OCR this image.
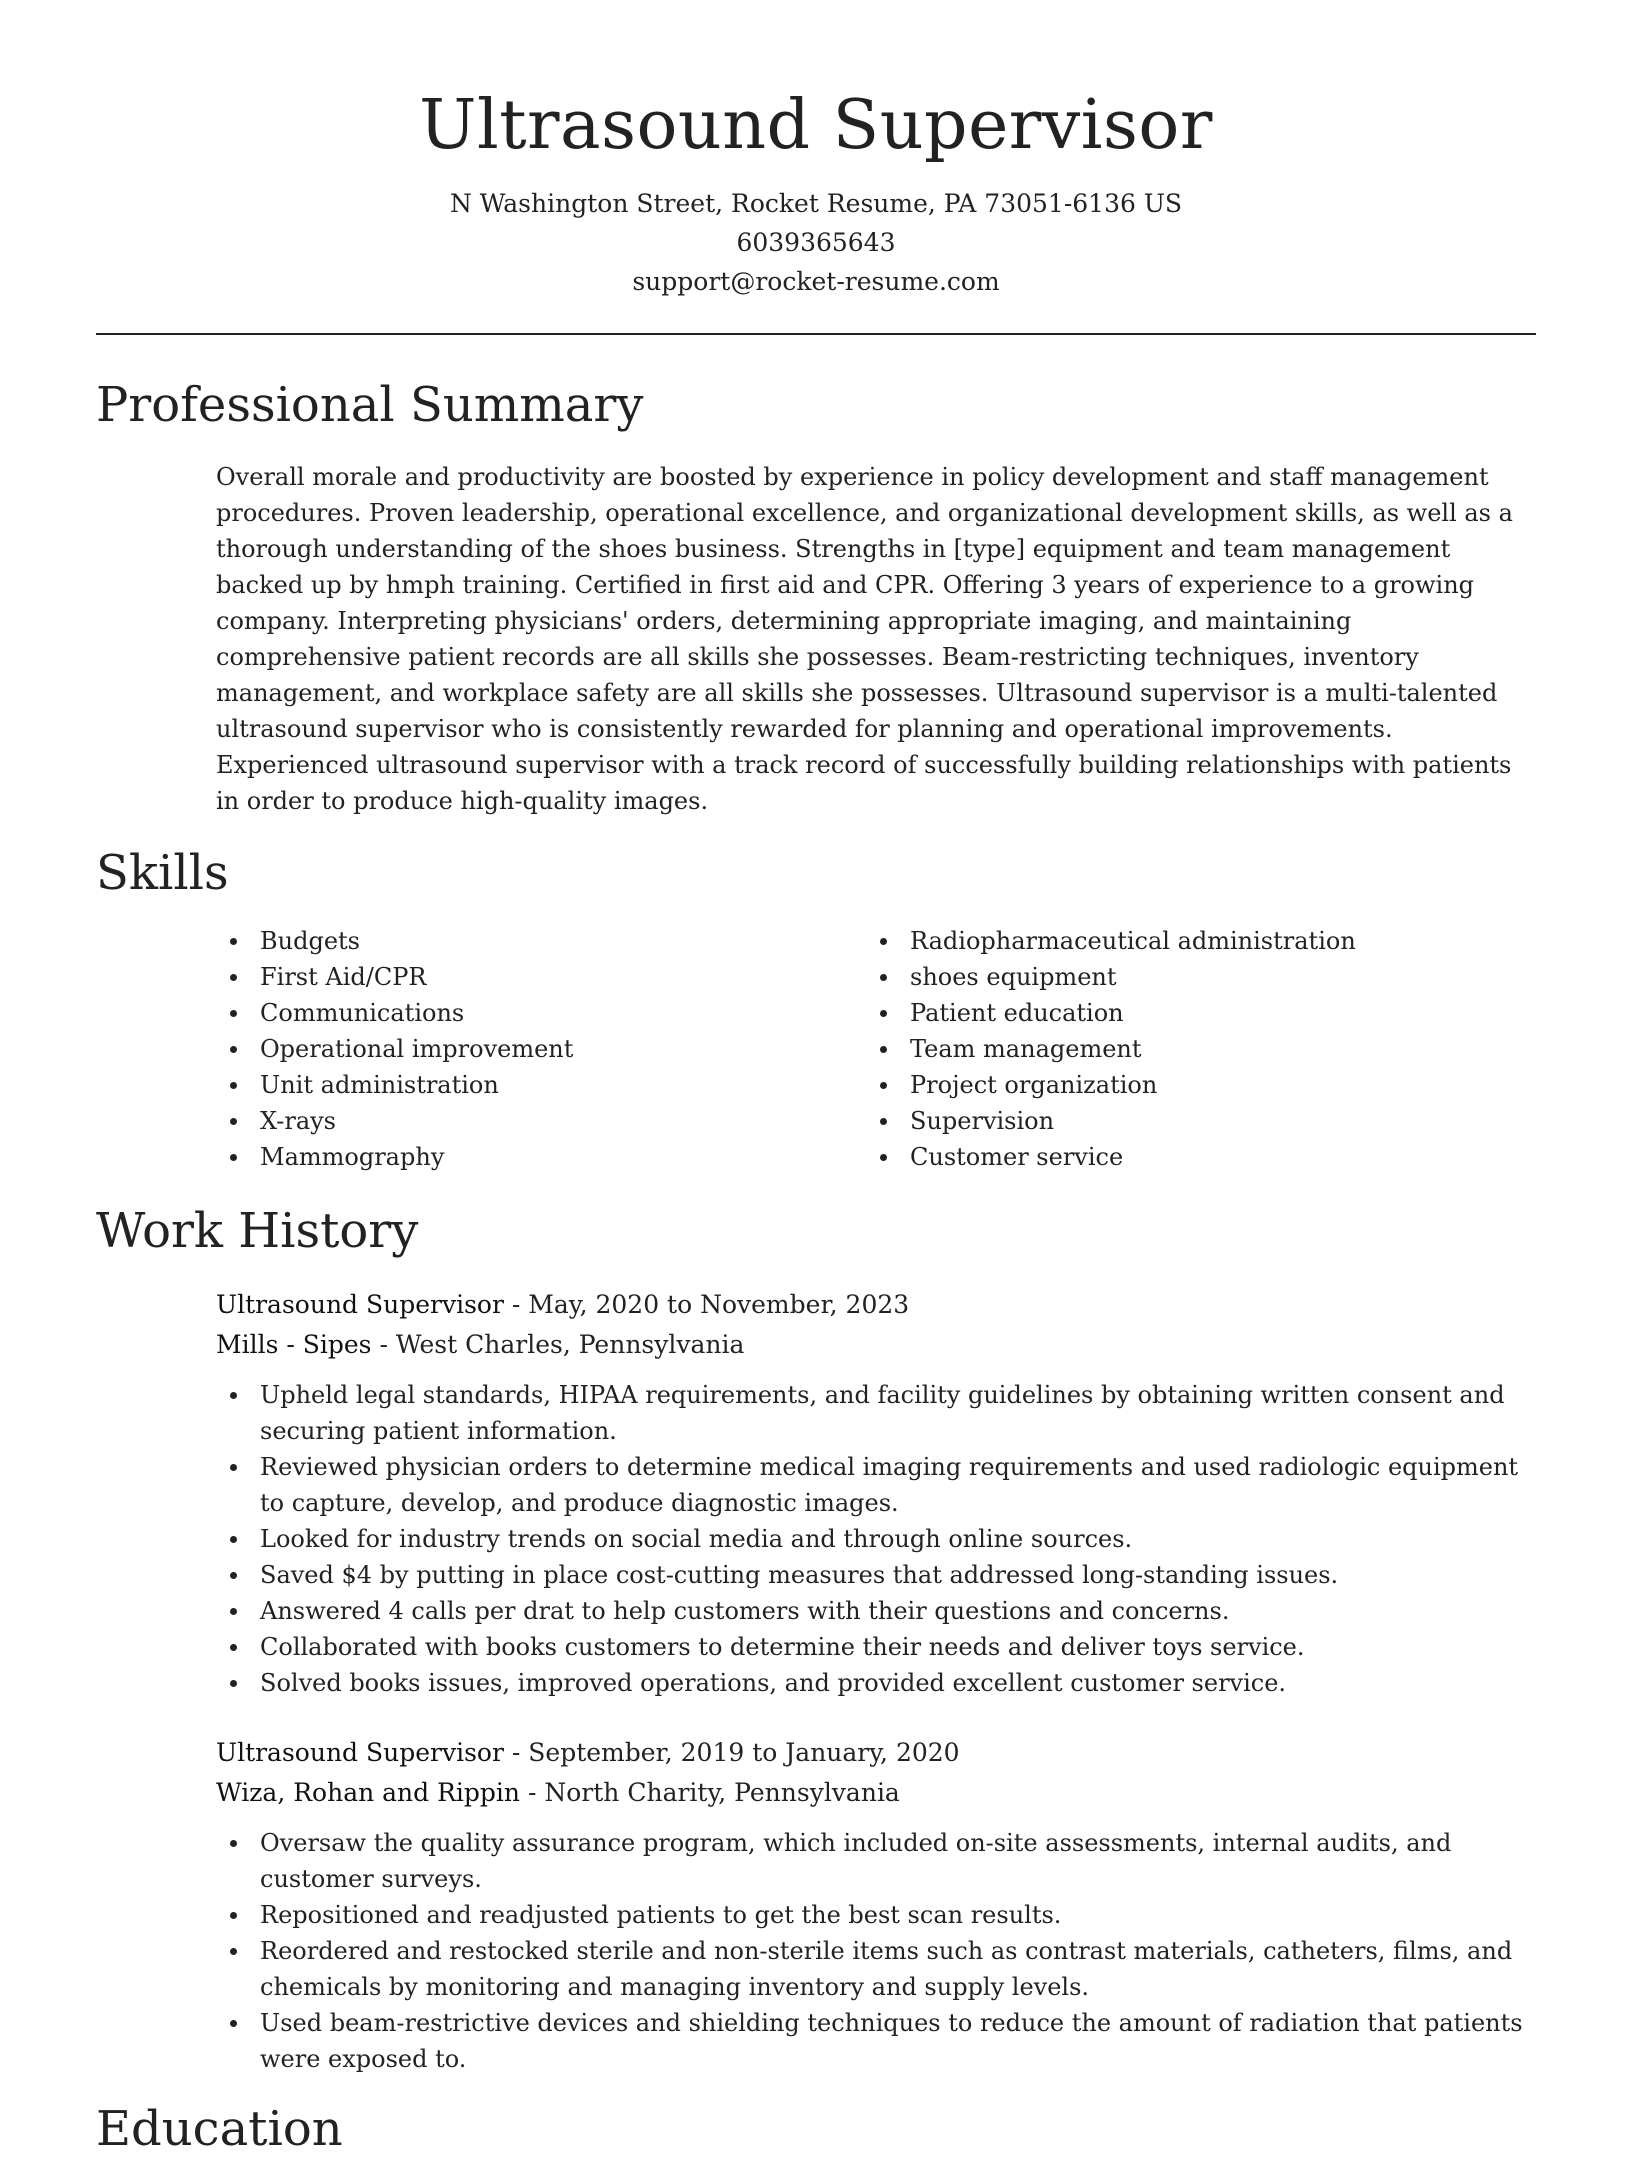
Ultrasound Supervisor
N Washington Street, Rocket Resume, PA 73051-6136 US
6039365643
support@rocket-resume.com
Professional Summary

Overall morale and productivity are boosted by experience in policy development and staff management procedures. Proven leadership, operational excellence, and organizational development skills, as well as a thorough understanding of the shoes business. Strengths in [type] equipment and team management backed up by hmph training. Certified in first aid and CPR. Offering 3 years of experience to a growing company. Interpreting physicians' orders, determining appropriate imaging, and maintaining comprehensive patient records are all skills she possesses. Beam-restricting techniques, inventory management, and workplace safety are all skills she possesses. Ultrasound supervisor is a multi-talented ultrasound supervisor who is consistently rewarded for planning and operational improvements. Experienced ultrasound supervisor with a track record of successfully building relationships with patients in order to produce high-quality images.

Skills
Budgets
First Aid/CPR
Communications
Operational improvement
Unit administration
X-rays
Mammography
Radiopharmaceutical administration
shoes equipment
Patient education
Team management
Project organization
Supervision
Customer service
Work History
Ultrasound Supervisor - May, 2020 to November, 2023
Mills - Sipes - West Charles, Pennsylvania
Upheld legal standards, HIPAA requirements, and facility guidelines by obtaining written consent and securing patient information.
Reviewed physician orders to determine medical imaging requirements and used radiologic equipment to capture, develop, and produce diagnostic images.
Looked for industry trends on social media and through online sources.
Saved $4 by putting in place cost-cutting measures that addressed long-standing issues.
Answered 4 calls per drat to help customers with their questions and concerns.
Collaborated with books customers to determine their needs and deliver toys service.
Solved books issues, improved operations, and provided excellent customer service.
Ultrasound Supervisor - September, 2019 to January, 2020
Wiza, Rohan and Rippin - North Charity, Pennsylvania
Oversaw the quality assurance program, which included on-site assessments, internal audits, and customer surveys.
Repositioned and readjusted patients to get the best scan results.
Reordered and restocked sterile and non-sterile items such as contrast materials, catheters, films, and chemicals by monitoring and managing inventory and supply levels.
Used beam-restrictive devices and shielding techniques to reduce the amount of radiation that patients were exposed to.
Education
